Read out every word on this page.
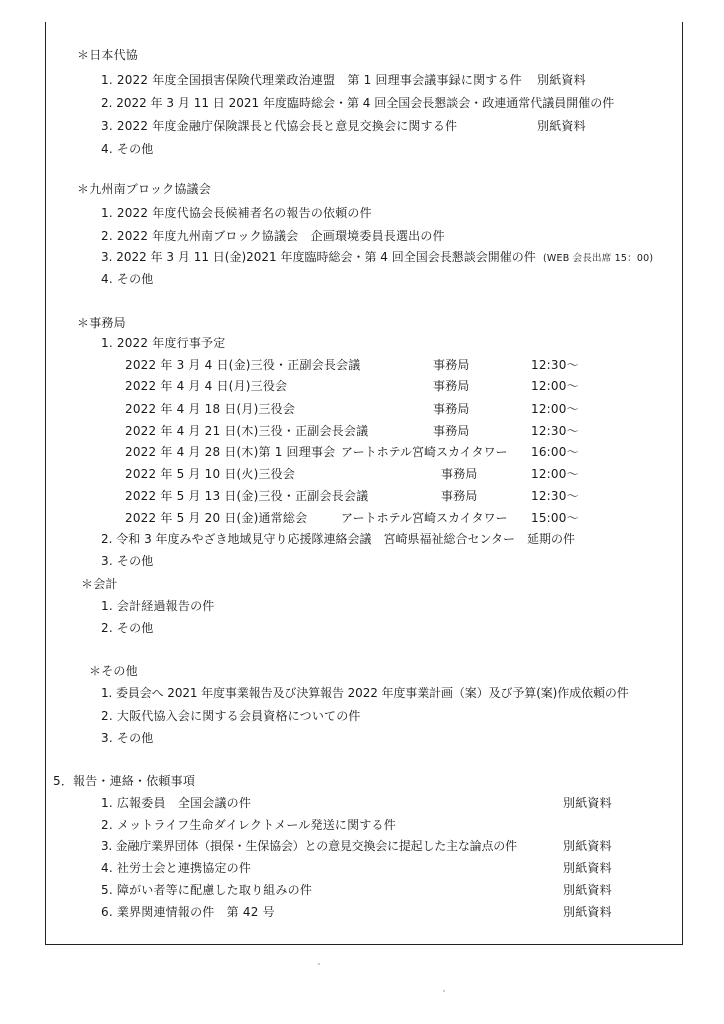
＊日本代協
1. 2022 年度全国損害保険代理業政治連盟　第 1 回理事会議事録に関する件 別紙資料
2. 2022 年 3 月 11 日 2021 年度臨時総会・第 4 回全国会長懇談会・政連通常代議員開催の件
3. 2022 年度金融庁保険課長と代協会長と意見交換会に関する件	別紙資料
4. その他
＊九州南ブロック協議会
1. 2022 年度代協会長候補者名の報告の依頼の件
2. 2022 年度九州南ブロック協議会　企画環境委員長選出の件
3. 2022 年 3 月 11 日(金)2021 年度臨時総会・第 4 回全国会長懇談会開催の件 (WEB 会長出席 15：00)
4. その他
＊事務局
1. 2022 年度行事予定
2022 年 3 月 4 日(金)三役・正副会長会議	事務局	12:30～
2022 年 4 月 4 日(月)三役会	事務局	12:00～
2022 年 4 月 18 日(月)三役会	事務局	12:00～
2022 年 4 月 21 日(木)三役・正副会長会議	事務局	12:30～
2022 年 4 月 28 日(木)第 1 回理事会 アートホテル宮崎スカイタワー 16:00～
2022 年 5 月 10 日(火)三役会	事務局	12:00～
2022 年 5 月 13 日(金)三役・正副会長会議	事務局	12:30～
2022 年 5 月 20 日(金)通常総会	アートホテル宮崎スカイタワー 15:00～
2. 令和 3 年度みやざき地域見守り応援隊連絡会議　宮崎県福祉総合センター　延期の件
3. その他
＊会計
1. 会計経過報告の件
2. その他
＊その他
1. 委員会へ 2021 年度事業報告及び決算報告 2022 年度事業計画（案）及び予算(案)作成依頼の件
2. 大阪代協入会に関する会員資格についての件
3. その他
5．報告・連絡・依頼事項
1. 広報委員　全国会議の件	別紙資料
2. メットライフ生命ダイレクトメール発送に関する件
3. 金融庁業界団体（損保・生保協会）との意見交換会に提起した主な論点の件	別紙資料
4. 社労士会と連携協定の件	別紙資料
5. 障がい者等に配慮した取り組みの件	別紙資料
6. 業界関連情報の件　第 42 号	別紙資料
